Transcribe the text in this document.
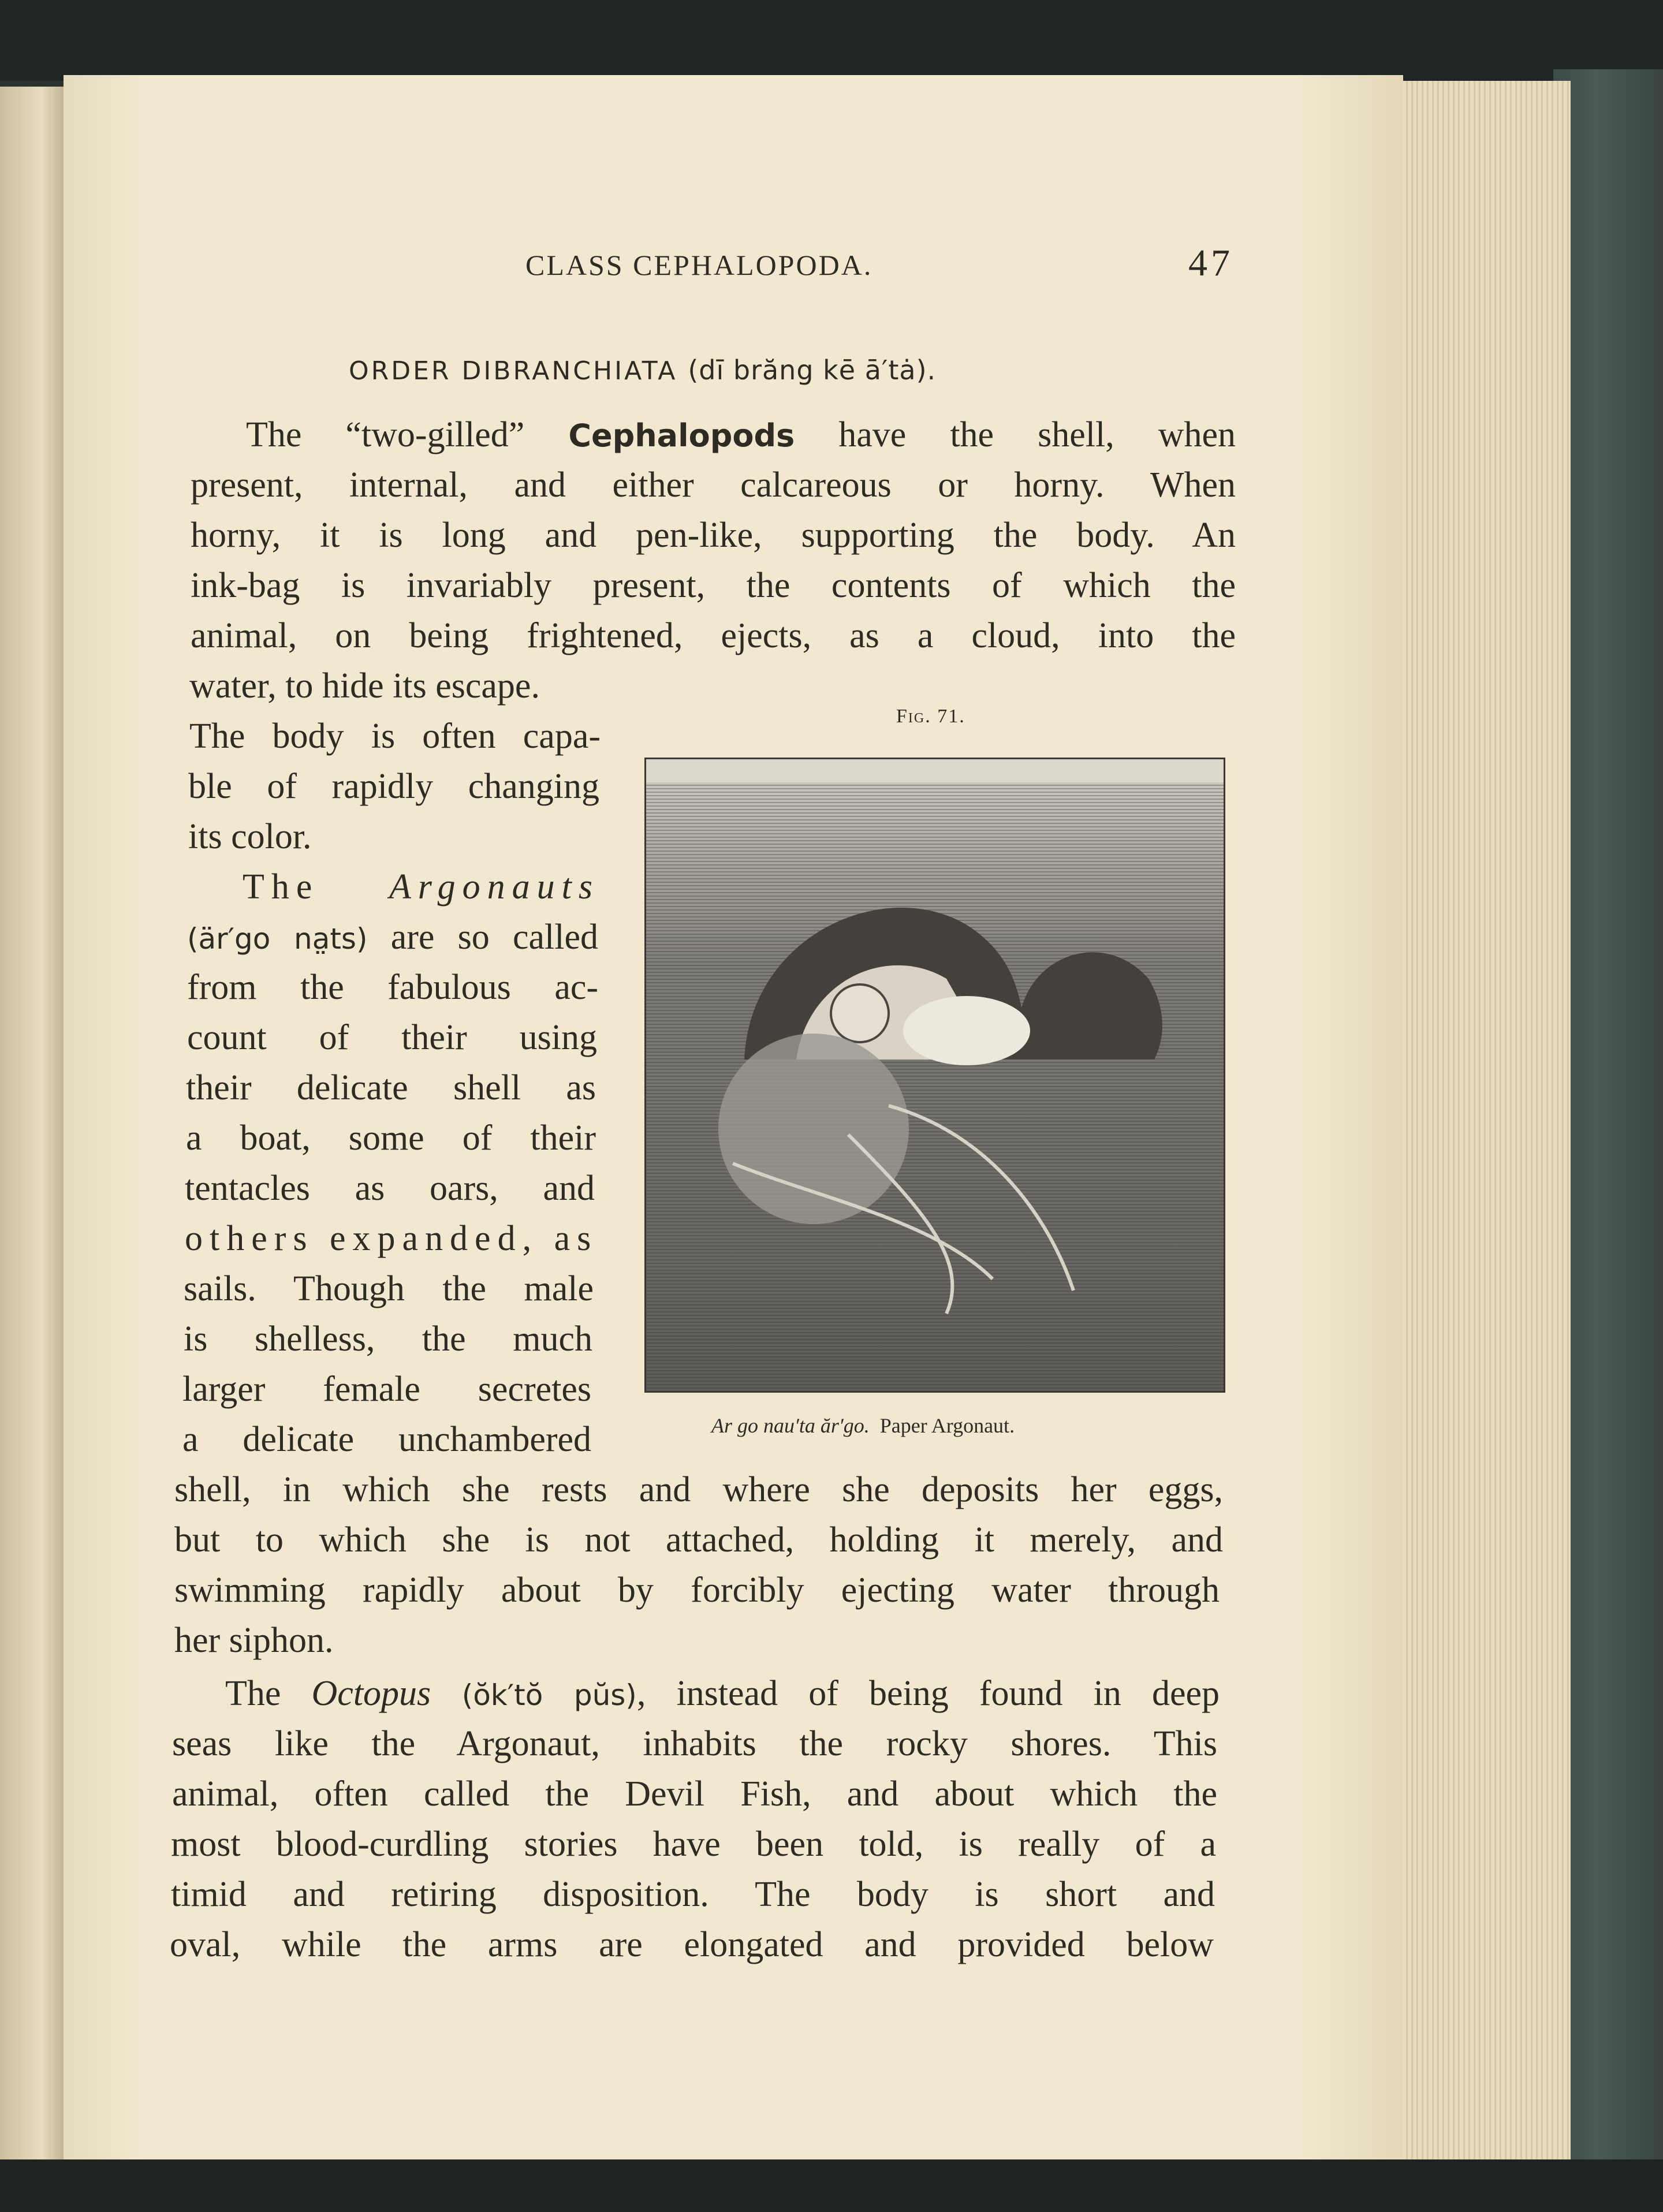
CLASS CEPHALOPODA.	47
ORDER DIBRANCHIATA (dī brăng kē ā′tȧ).
The “two-gilled” Cephalopods have the shell, when
present, internal, and either calcareous or horny. When
horny, it is long and pen-like, supporting the body. An
ink-bag is invariably present, the contents of which the
animal, on being frightened, ejects, as a cloud, into the
water, to hide its escape.
The body is often capa-
ble of rapidly changing
its color.
The Argonauts
(är′go na̤ts) are so called
from the fabulous ac-
count of their using
their delicate shell as
a boat, some of their
tentacles as oars, and
others expanded, as
sails. Though the male
is shelless, the much
larger female secretes
a delicate unchambered
Fig. 71.
Ar go nau′ta ăr′go. Paper Argonaut.
shell, in which she rests and where she deposits her eggs,
but to which she is not attached, holding it merely, and
swimming rapidly about by forcibly ejecting water through
her siphon.
The Octopus (ŏk′tŏ pŭs), instead of being found in deep
seas like the Argonaut, inhabits the rocky shores. This
animal, often called the Devil Fish, and about which the
most blood-curdling stories have been told, is really of a
timid and retiring disposition. The body is short and
oval, while the arms are elongated and provided below
